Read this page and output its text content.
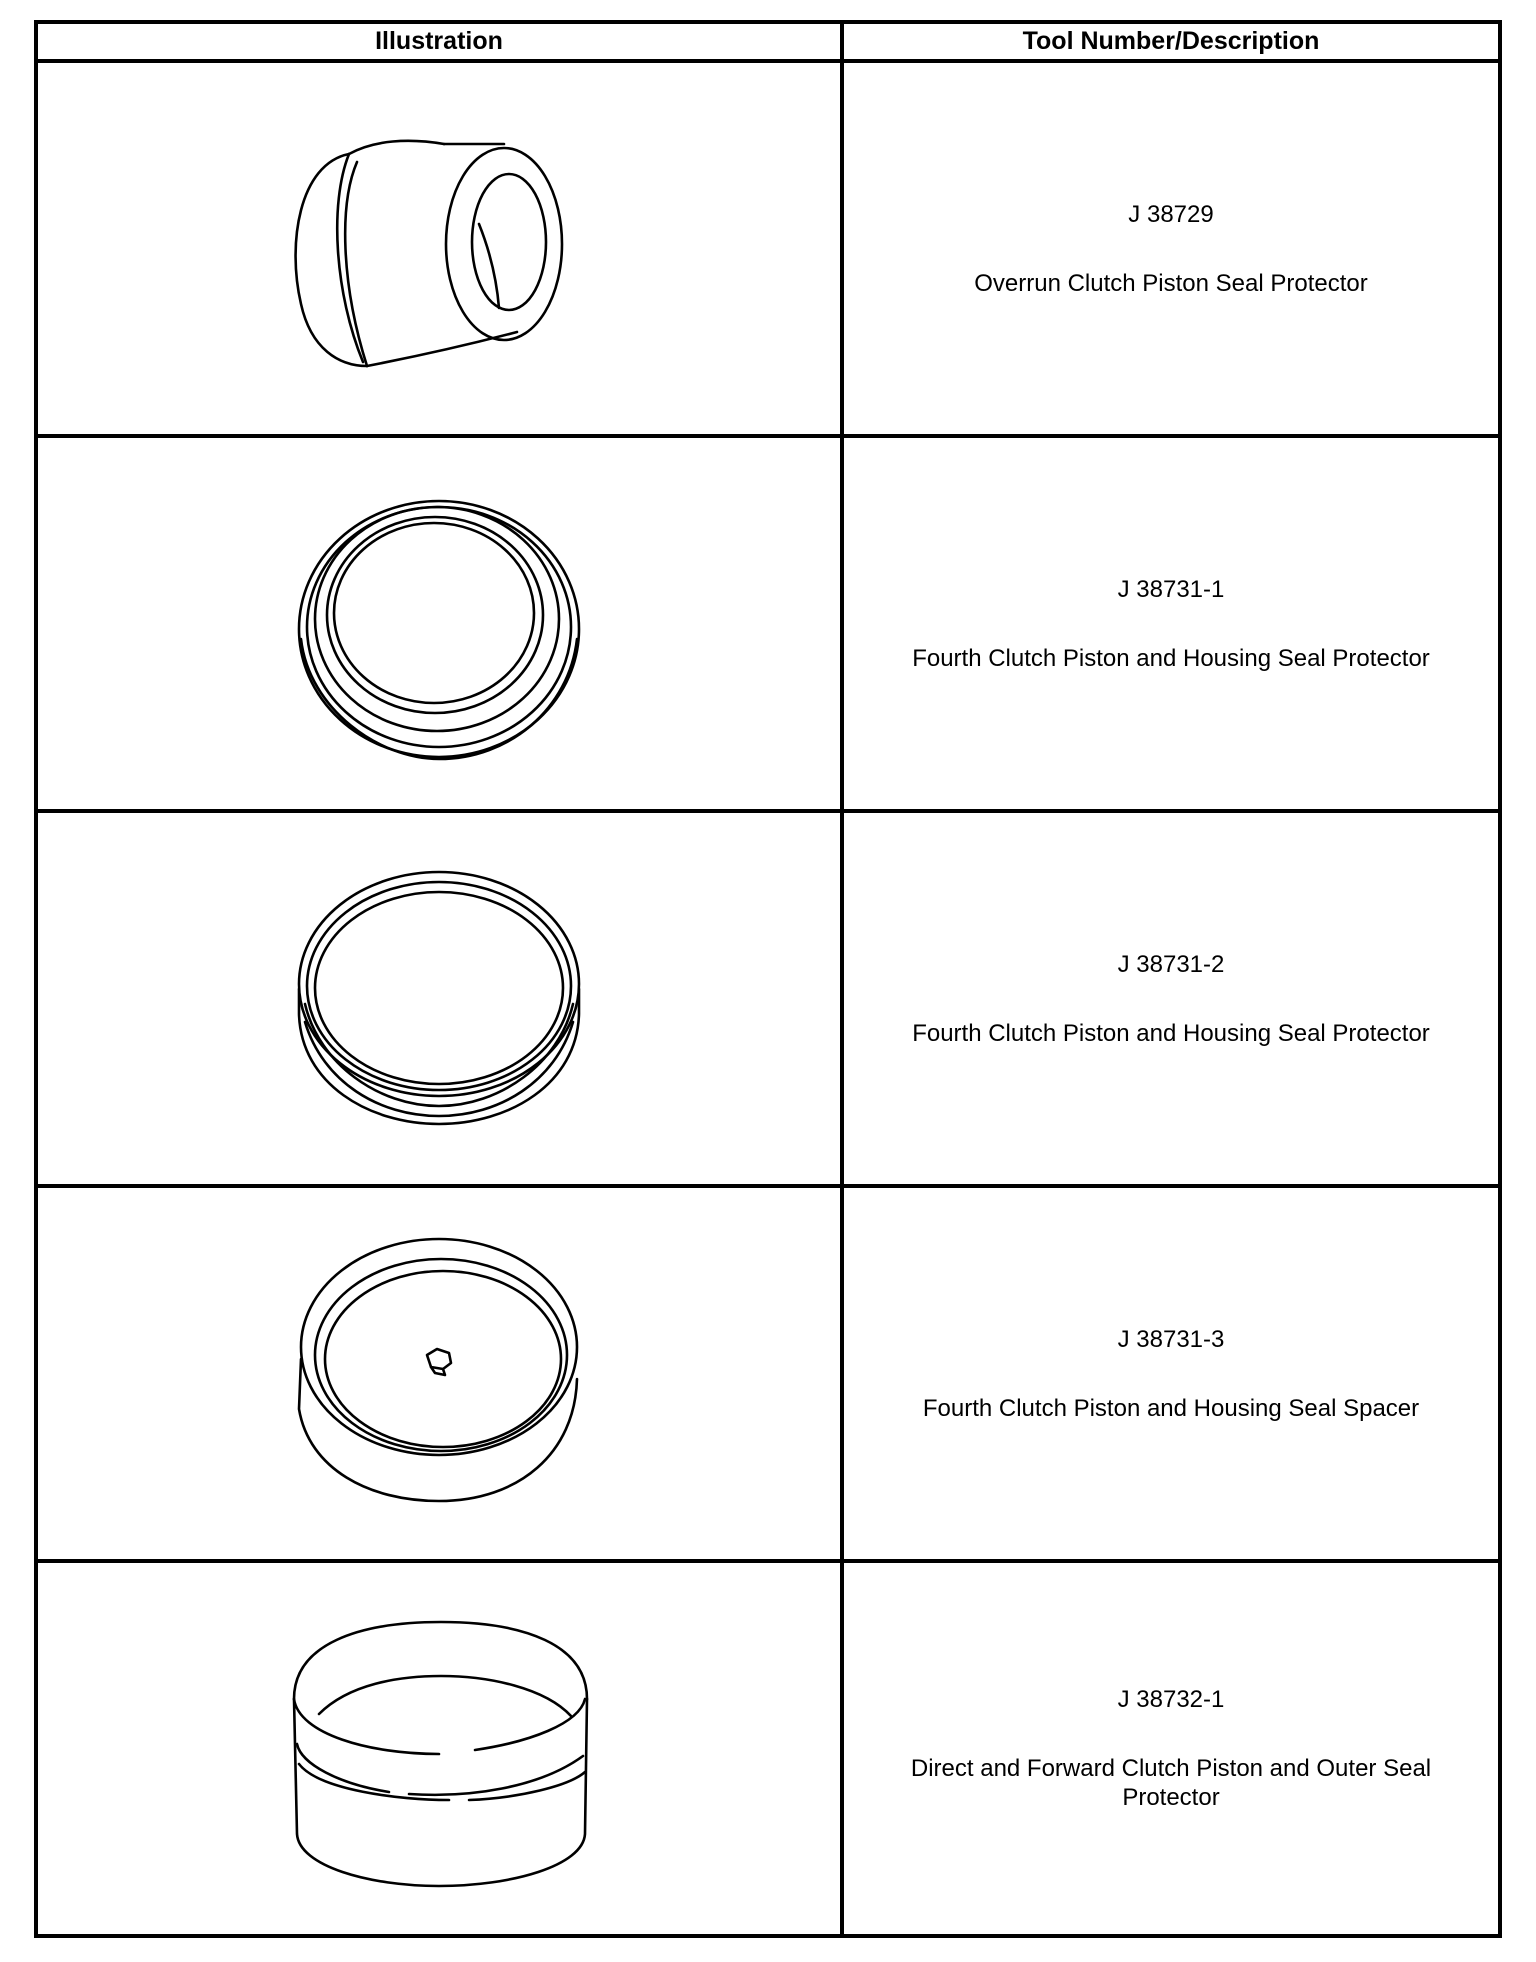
Illustration	Tool Number/Description

J 38729
Overrun Clutch Piston Seal Protector

J 38731-1
Fourth Clutch Piston and Housing Seal Protector

J 38731-2
Fourth Clutch Piston and Housing Seal Protector

J 38731-3
Fourth Clutch Piston and Housing Seal Spacer

J 38732-1
Direct and Forward Clutch Piston and Outer Seal Protector
